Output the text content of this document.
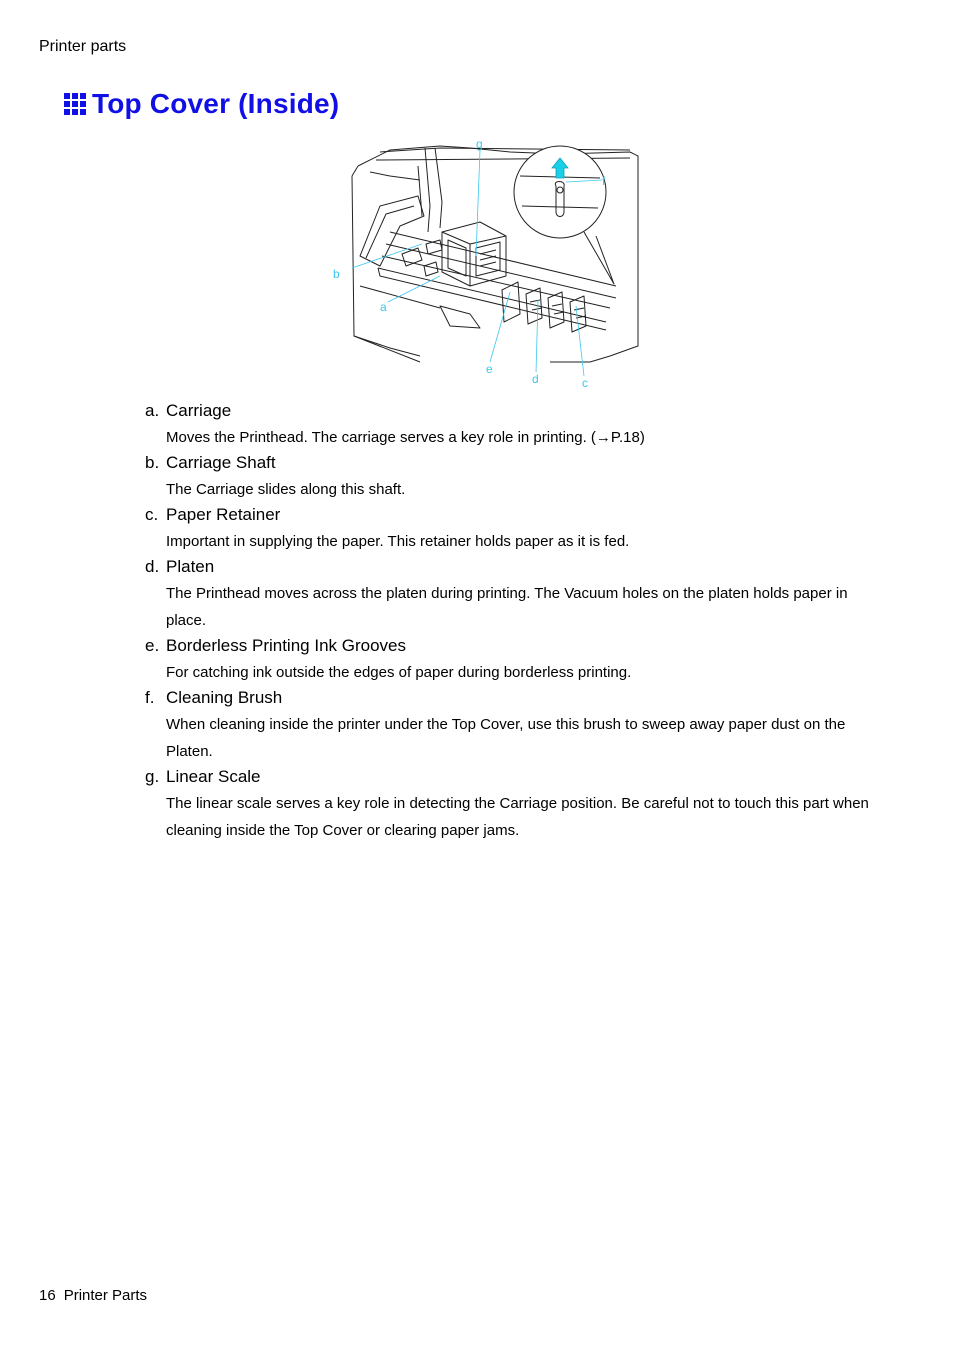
Printer parts
Top Cover (Inside)
g
f
b
a
e
d	c
a. Carriage

Moves the Printhead. The carriage serves a key role in printing. (→P.18)

b. Carriage Shaft

The Carriage slides along this shaft.

c. Paper Retainer

Important in supplying the paper. This retainer holds paper as it is fed.

d. Platen

The Printhead moves across the platen during printing. The Vacuum holes on the platen holds paper in place.

e. Borderless Printing Ink Grooves

For catching ink outside the edges of paper during borderless printing.

f. Cleaning Brush

When cleaning inside the printer under the Top Cover, use this brush to sweep away paper dust on the Platen.

g. Linear Scale

The linear scale serves a key role in detecting the Carriage position. Be careful not to touch this part when cleaning inside the Top Cover or clearing paper jams.

16 Printer Parts
